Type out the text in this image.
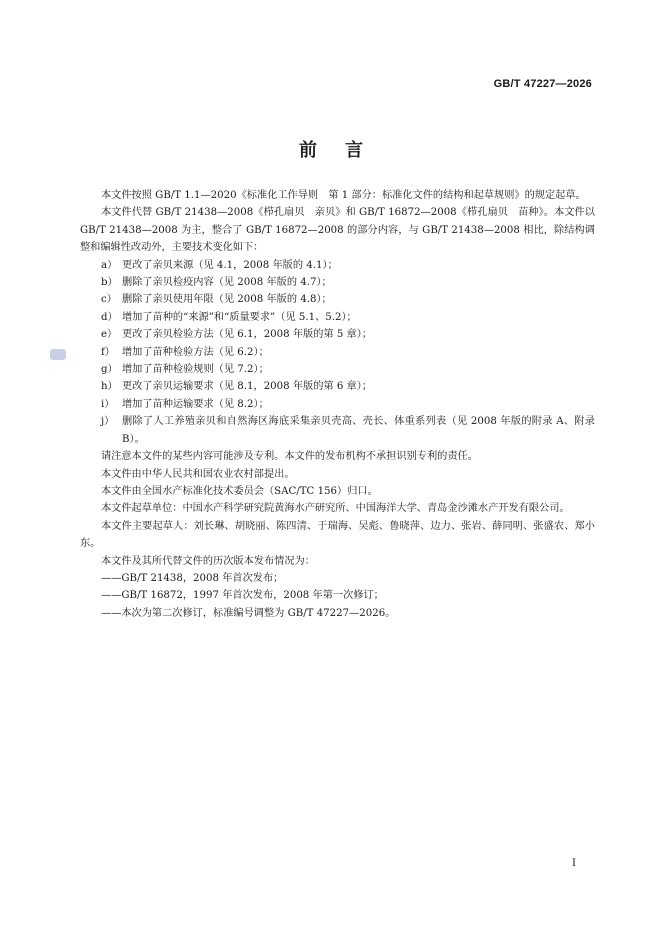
GB/T 47227—2026
前言

本文件按照 GB/T 1.1—2020《标准化工作导则　第 1 部分：标准化文件的结构和起草规则》的规定起草。

本文件代替 GB/T 21438—2008《栉孔扇贝　亲贝》和 GB/T 16872—2008《栉孔扇贝　苗种》。本文件以 GB/T 21438—2008 为主，整合了 GB/T 16872—2008 的部分内容，与 GB/T 21438—2008 相比，除结构调整和编辑性改动外，主要技术变化如下：

a） 更改了亲贝来源（见 4.1，2008 年版的 4.1）；
b） 删除了亲贝检疫内容（见 2008 年版的 4.7）；
c） 删除了亲贝使用年限（见 2008 年版的 4.8）；
d） 增加了苗种的“来源”和“质量要求”（见 5.1、5.2）；
e） 更改了亲贝检验方法（见 6.1，2008 年版的第 5 章）；
f） 增加了苗种检验方法（见 6.2）；
g） 增加了苗种检验规则（见 7.2）；
h） 更改了亲贝运输要求（见 8.1，2008 年版的第 6 章）；
i） 增加了苗种运输要求（见 8.2）；
j） 删除了人工养殖亲贝和自然海区海底采集亲贝壳高、壳长、体重系列表（见 2008 年版的附录 A、附录 B）。

请注意本文件的某些内容可能涉及专利。本文件的发布机构不承担识别专利的责任。

本文件由中华人民共和国农业农村部提出。

本文件由全国水产标准化技术委员会（SAC/TC 156）归口。

本文件起草单位：中国水产科学研究院黄海水产研究所、中国海洋大学、青岛金沙滩水产开发有限公司。

本文件主要起草人：刘长琳、胡晓丽、陈四清、于瑞海、吴彪、鲁晓萍、边力、张岩、薛同明、张盛农、郑小东。

本文件及其所代替文件的历次版本发布情况为：

——GB/T 21438，2008 年首次发布；

——GB/T 16872，1997 年首次发布，2008 年第一次修订；

——本次为第二次修订，标准编号调整为 GB/T 47227—2026。

I
